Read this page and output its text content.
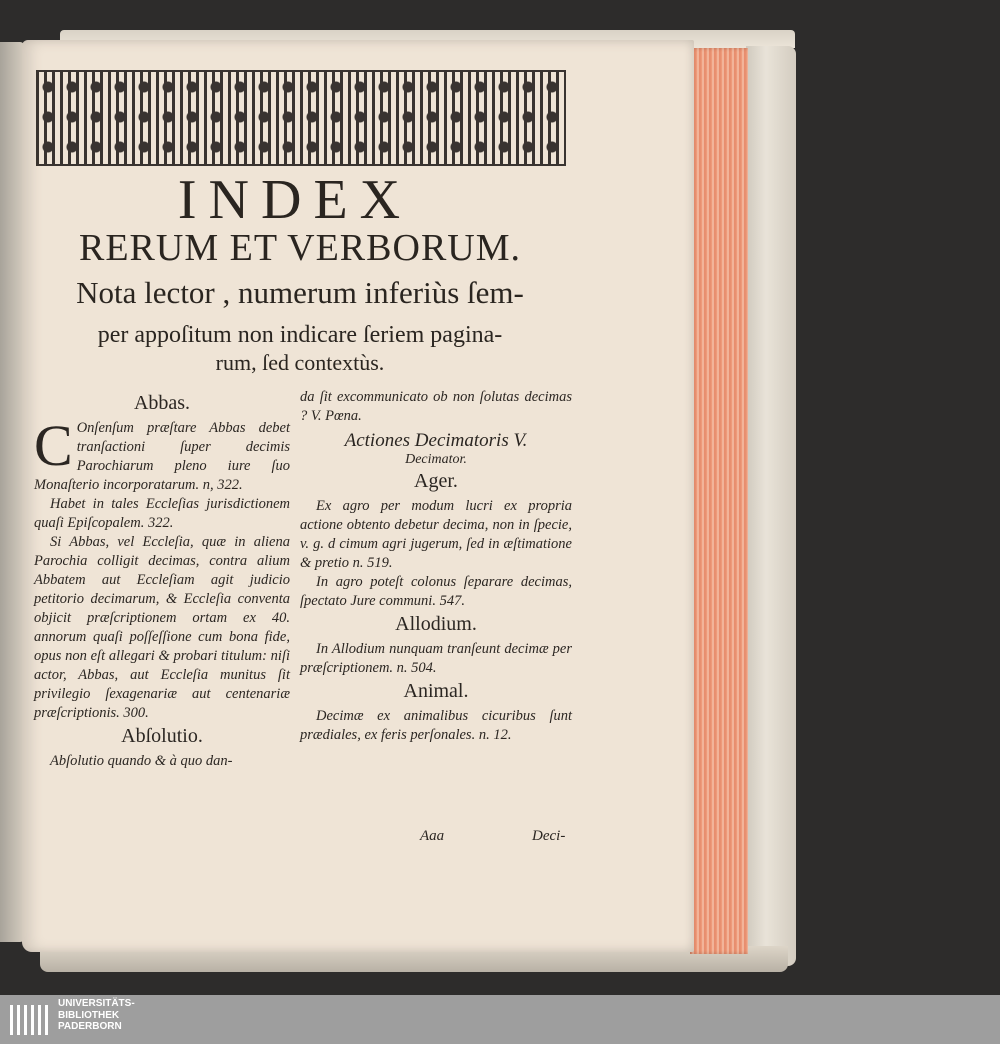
INDEX
RERUM ET VERBORUM.
Nota lector , numerum inferiùs ſem-
per appoſitum non indicare ſeriem pagina-
rum, ſed contextùs.
Abbas.

C Onſenſum præſtare Abbas debet tranſactioni ſuper decimis Parochiarum pleno iure ſuo Monaſterio incorporatarum. n, 322.

Habet in tales Eccleſias jurisdictionem quaſi Epiſcopalem. 322.

Si Abbas, vel Eccleſia, quæ in aliena Parochia colligit decimas, contra alium Abbatem aut Eccleſiam agit judicio petitorio decimarum, & Eccleſia conventa objicit præſcriptionem ortam ex 40. annorum quaſi poſſeſſione cum bona fide, opus non eſt allegari & probari titulum: niſi actor, Abbas, aut Eccleſia munitus ſit privilegio ſexagenariæ aut centenariæ præſcriptionis. 300.

Abſolutio.

Abſolutio quando & à quo dan-

da ſit excommunicato ob non ſolutas decimas ? V. Pœna.

Actiones Decimatoris V.
Decimator.
Ager.

Ex agro per modum lucri ex propria actione obtento debetur decima, non in ſpecie, v. g. d cimum agri jugerum, ſed in æſtimatione & pretio n. 519.

In agro poteſt colonus ſeparare decimas, ſpectato Jure communi. 547.

Allodium.

In Allodium nunquam tranſeunt decimæ per præſcriptionem. n. 504.

Animal.

Decimæ ex animalibus cicuribus ſunt prædiales, ex feris perſonales. n. 12.

Aaa	Deci-
UNIVERSITÄTS-
BIBLIOTHEK
PADERBORN
